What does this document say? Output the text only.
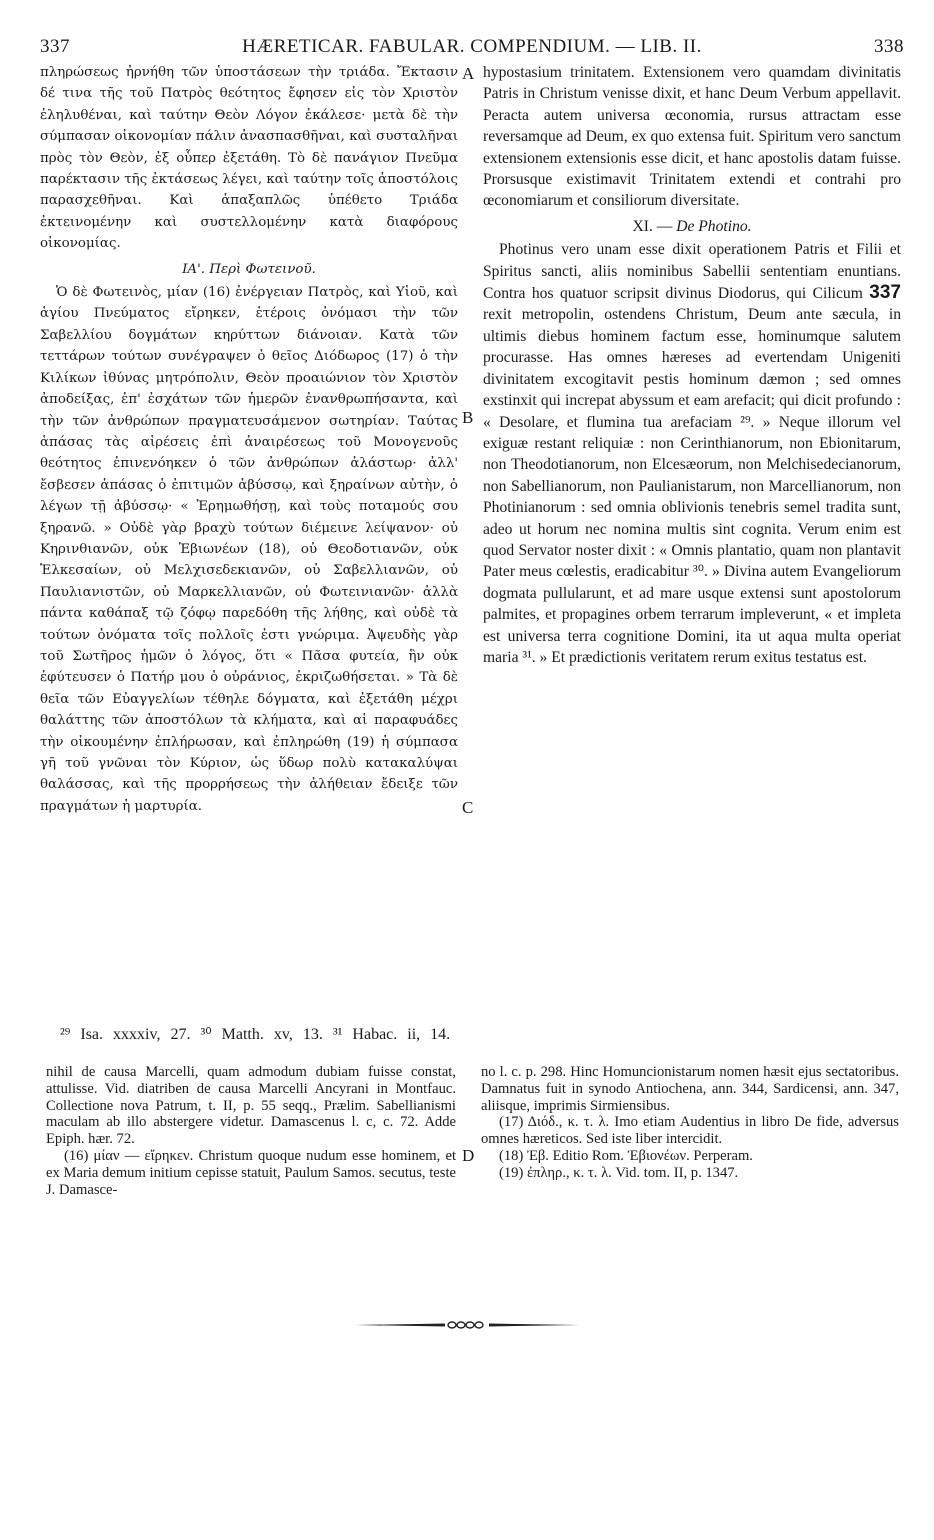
337	HÆRETICAR. FABULAR. COMPENDIUM. — LIB. II.	338

πληρώσεως ἠρνήθη τῶν ὑποστάσεων τὴν τριάδα. Ἔκτασιν δέ τινα τῆς τοῦ Πατρὸς θεότητος ἔφησεν εἰς τὸν Χριστὸν ἐληλυθέναι, καὶ ταύτην Θεὸν Λόγον ἐκάλεσε· μετὰ δὲ τὴν σύμπασαν οἰκονομίαν πάλιν ἀνασπασθῆναι, καὶ συσταλῆναι πρὸς τὸν Θεὸν, ἐξ οὗπερ ἐξετάθη. Τὸ δὲ πανάγιον Πνεῦμα παρέκτασιν τῆς ἐκτάσεως λέγει, καὶ ταύτην τοῖς ἀποστόλοις παρασχεθῆναι. Καὶ ἁπαξαπλῶς ὑπέθετο Τριάδα ἐκτεινομένην καὶ συστελλομένην κατὰ διαφόρους οἰκονομίας.

ΙΑ'. Περὶ Φωτεινοῦ.

Ὁ δὲ Φωτεινὸς, μίαν (16) ἐνέργειαν Πατρὸς, καὶ Υἱοῦ, καὶ ἁγίου Πνεύματος εἴρηκεν, ἑτέροις ὀνόμασι τὴν τῶν Σαβελλίου δογμάτων κηρύττων διάνοιαν. Κατὰ τῶν τεττάρων τούτων συνέγραψεν ὁ θεῖος Διόδωρος (17) ὁ τὴν Κιλίκων ἰθύνας μητρόπολιν, Θεὸν προαιώνιον τὸν Χριστὸν ἀποδείξας, ἐπ' ἐσχάτων τῶν ἡμερῶν ἐνανθρωπήσαντα, καὶ τὴν τῶν ἀνθρώπων πραγματευσάμενον σωτηρίαν. Ταύτας ἁπάσας τὰς αἱρέσεις ἐπὶ ἀναιρέσεως τοῦ Μονογενοῦς θεότητος ἐπινενόηκεν ὁ τῶν ἀνθρώπων ἀλάστωρ· ἀλλ' ἔσβεσεν ἁπάσας ὁ ἐπιτιμῶν ἀβύσσῳ, καὶ ξηραίνων αὐτὴν, ὁ λέγων τῇ ἀβύσσῳ· « Ἐρημωθήσῃ, καὶ τοὺς ποταμούς σου ξηρανῶ. » Οὐδὲ γὰρ βραχὺ τούτων διέμεινε λείψανον· οὐ Κηρινθιανῶν, οὐκ Ἐβιωνέων (18), οὐ Θεοδοτιανῶν, οὐκ Ἐλκεσαίων, οὐ Μελχισεδεκιανῶν, οὐ Σαβελλιανῶν, οὐ Παυλιανιστῶν, οὐ Μαρκελλιανῶν, οὐ Φωτεινιανῶν· ἀλλὰ πάντα καθάπαξ τῷ ζόφῳ παρεδόθη τῆς λήθης, καὶ οὐδὲ τὰ τούτων ὀνόματα τοῖς πολλοῖς ἐστι γνώριμα. Ἀψευδὴς γὰρ τοῦ Σωτῆρος ἡμῶν ὁ λόγος, ὅτι « Πᾶσα φυτεία, ἣν οὐκ ἐφύτευσεν ὁ Πατήρ μου ὁ οὐράνιος, ἐκριζωθήσεται. » Τὰ δὲ θεῖα τῶν Εὐαγγελίων τέθηλε δόγματα, καὶ ἐξετάθη μέχρι θαλάττης τῶν ἀποστόλων τὰ κλήματα, καὶ αἱ παραφυάδες τὴν οἰκουμένην ἐπλήρωσαν, καὶ ἐπληρώθη (19) ἡ σύμπασα γῆ τοῦ γνῶναι τὸν Κύριον, ὡς ὕδωρ πολὺ κατακαλύψαι θαλάσσας, καὶ τῆς προρρήσεως τὴν ἀλήθειαν ἔδειξε τῶν πραγμάτων ἡ μαρτυρία.

A
B
C
D

hypostasium trinitatem. Extensionem vero quamdam divinitatis Patris in Christum venisse dixit, et hanc Deum Verbum appellavit. Peracta autem universa œconomia, rursus attractam esse reversamque ad Deum, ex quo extensa fuit. Spiritum vero sanctum extensionem extensionis esse dicit, et hanc apostolis datam fuisse. Prorsusque existimavit Trinitatem extendi et contrahi pro œconomiarum et consiliorum diversitate.

XI. — De Photino.

Photinus vero unam esse dixit operationem Patris et Filii et Spiritus sancti, aliis nominibus Sabellii sententiam enuntians. Contra hos quatuor scripsit divinus Diodorus, qui Cilicum 337 rexit metropolin, ostendens Christum, Deum ante sæcula, in ultimis diebus hominem factum esse, hominumque salutem procurasse. Has omnes hæreses ad evertendam Unigeniti divinitatem excogitavit pestis hominum dæmon ; sed omnes exstinxit qui increpat abyssum et eam arefacit; qui dicit profundo : « Desolare, et flumina tua arefaciam ²⁹. » Neque illorum vel exiguæ restant reliquiæ : non Cerinthianorum, non Ebionitarum, non Theodotianorum, non Elcesæorum, non Melchisedecianorum, non Sabellianorum, non Paulianistarum, non Marcellianorum, non Photinianorum : sed omnia oblivionis tenebris semel tradita sunt, adeo ut horum nec nomina multis sint cognita. Verum enim est quod Servator noster dixit : « Omnis plantatio, quam non plantavit Pater meus cœlestis, eradicabitur ³⁰. » Divina autem Evangeliorum dogmata pullularunt, et ad mare usque extensi sunt apostolorum palmites, et propagines orbem terrarum impleverunt, « et impleta est universa terra cognitione Domini, ita ut aqua multa operiat maria ³¹. » Et prædictionis veritatem rerum exitus testatus est.

²⁹ Isa. xxxxiv, 27. ³⁰ Matth. xv, 13. ³¹ Habac. ii, 14.

nihil de causa Marcelli, quam admodum dubiam fuisse constat, attulisse. Vid. diatriben de causa Marcelli Ancyrani in Montfauc. Collectione nova Patrum, t. II, p. 55 seqq., Prælim. Sabellianismi maculam ab illo abstergere videtur. Damascenus l. c, c. 72. Adde Epiph. hær. 72.

(16) μίαν — εἴρηκεν. Christum quoque nudum esse hominem, et ex Maria demum initium cepisse statuit, Paulum Samos. secutus, teste J. Damasce-

no l. c. p. 298. Hinc Homuncionistarum nomen hæsit ejus sectatoribus. Damnatus fuit in synodo Antiochena, ann. 344, Sardicensi, ann. 347, aliisque, imprimis Sirmiensibus.

(17) Διόδ., κ. τ. λ. Imo etiam Audentius in libro De fide, adversus omnes hæreticos. Sed iste liber intercidit.

(18) Ἐβ. Editio Rom. Ἐβιονέων. Perperam.

(19) ἐπληρ., κ. τ. λ. Vid. tom. II, p. 1347.
